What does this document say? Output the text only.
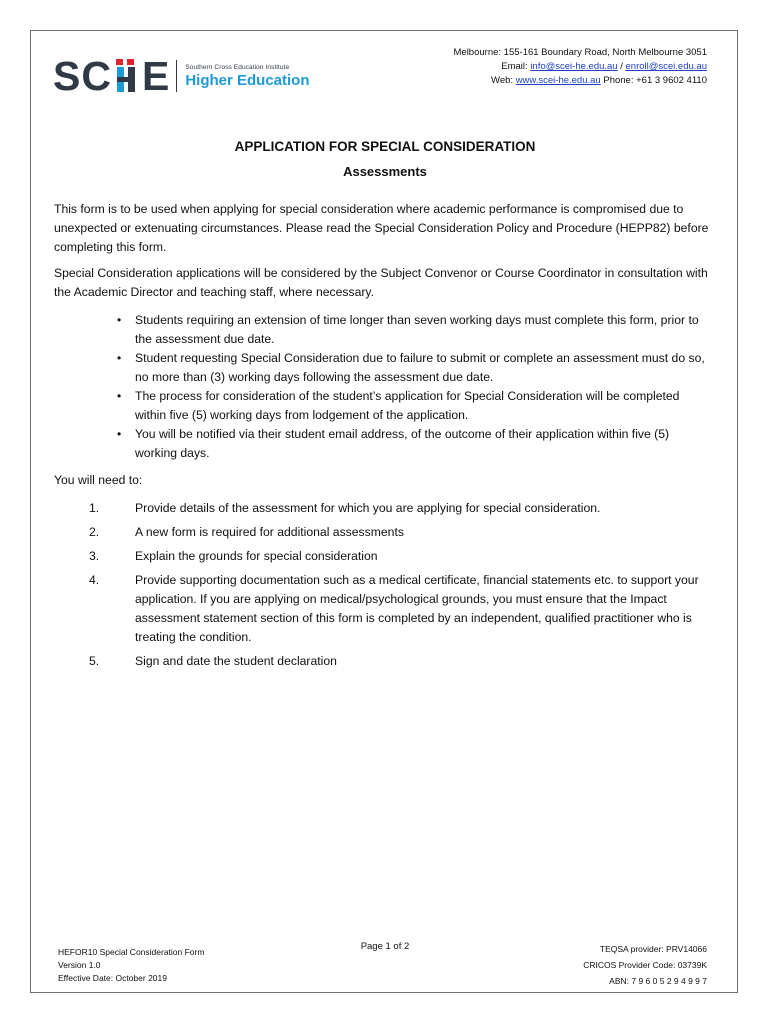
SC E Southern Cross Education Institute
Higher Education
Melbourne: 155-161 Boundary Road, North Melbourne 3051
Email: info@scei-he.edu.au / enroll@scei.edu.au
Web: www.scei-he.edu.au Phone: +61 3 9602 4110
APPLICATION FOR SPECIAL CONSIDERATION
Assessments
This form is to be used when applying for special consideration where academic performance is compromised due to unexpected or extenuating circumstances. Please read the Special Consideration Policy and Procedure (HEPP82) before completing this form.
Special Consideration applications will be considered by the Subject Convenor or Course Coordinator in consultation with the Academic Director and teaching staff, where necessary.
• Students requiring an extension of time longer than seven working days must complete this form, prior to the assessment due date.
• Student requesting Special Consideration due to failure to submit or complete an assessment must do so, no more than (3) working days following the assessment due date.
• The process for consideration of the student’s application for Special Consideration will be completed within five (5) working days from lodgement of the application.
• You will be notified via their student email address, of the outcome of their application within five (5) working days.
You will need to:
1.	Provide details of the assessment for which you are applying for special consideration.
2.	A new form is required for additional assessments
3.	Explain the grounds for special consideration
4.	Provide supporting documentation such as a medical certificate, financial statements etc. to support your application. If you are applying on medical/psychological grounds, you must ensure that the Impact assessment statement section of this form is completed by an independent, qualified practitioner who is treating the condition.
5.	Sign and date the student declaration
HEFOR10 Special Consideration Form
Version 1.0
Effective Date: October 2019
Page 1 of 2	TEQSA provider: PRV14066
CRICOS Provider Code: 03739K
ABN: 7 9 6 0 5 2 9 4 9 9 7
